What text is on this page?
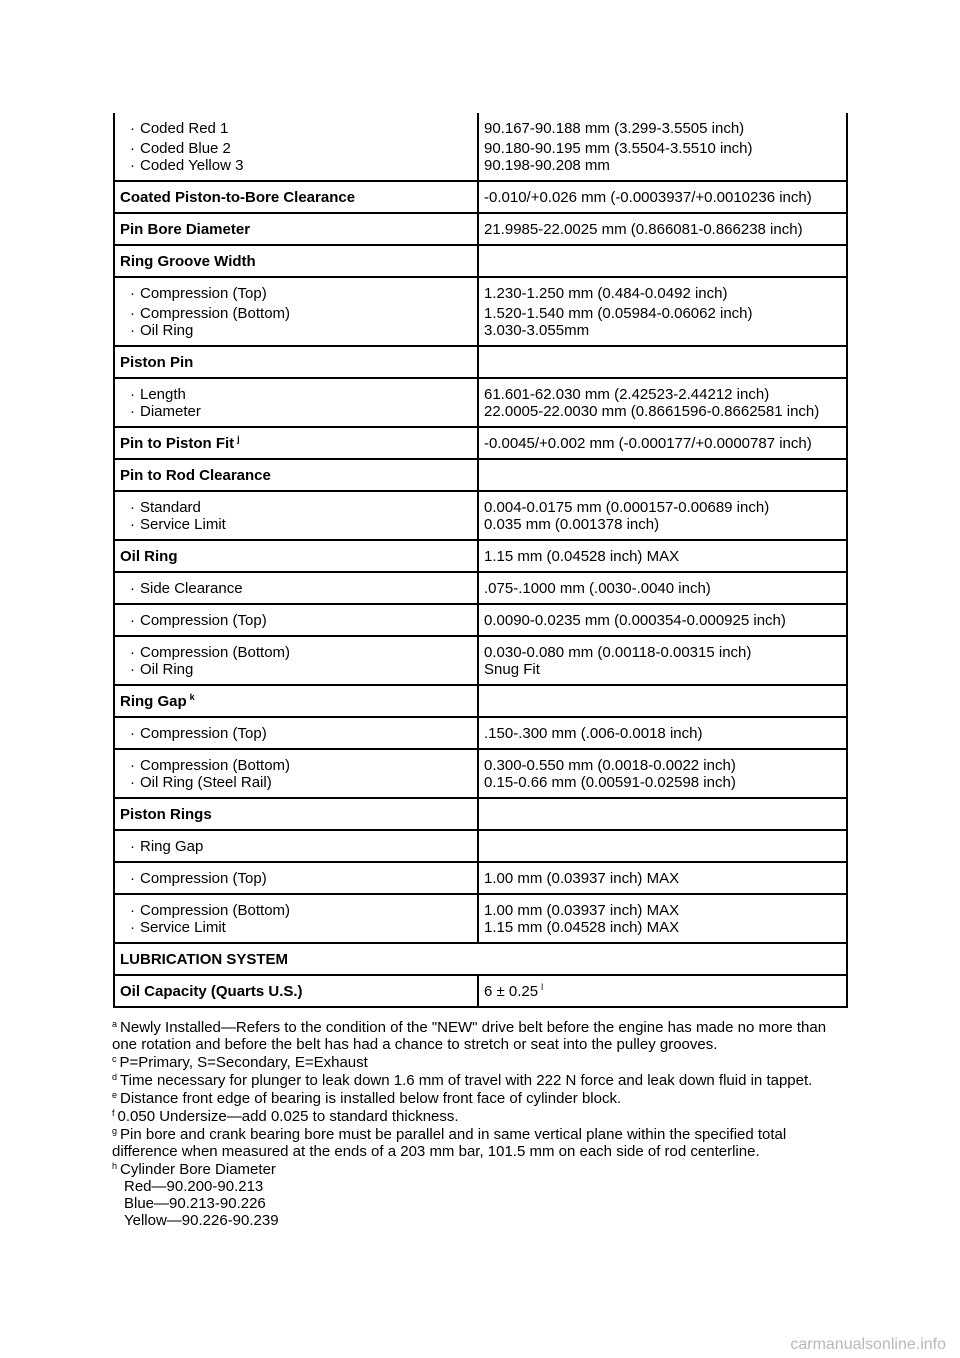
· Coded Red 1	90.167-90.188 mm (3.299-3.5505 inch)
· Coded Blue 2	90.180-90.195 mm (3.5504-3.5510 inch)
· Coded Yellow 3	90.198-90.208 mm
Coated Piston-to-Bore Clearance	-0.010/+0.026 mm (-0.0003937/+0.0010236 inch)
Pin Bore Diameter	21.9985-22.0025 mm (0.866081-0.866238 inch)
Ring Groove Width	
· Compression (Top)	1.230-1.250 mm (0.484-0.0492 inch)
· Compression (Bottom)	1.520-1.540 mm (0.05984-0.06062 inch)
· Oil Ring	3.030-3.055mm
Piston Pin	
· Length	61.601-62.030 mm (2.42523-2.44212 inch)
· Diameter	22.0005-22.0030 mm (0.8661596-0.8662581 inch)
Pin to Piston Fit $^j$	-0.0045/+0.002 mm (-0.000177/+0.0000787 inch)
Pin to Rod Clearance	
· Standard	0.004-0.0175 mm (0.000157-0.00689 inch)
· Service Limit	0.035 mm (0.001378 inch)
Oil Ring	1.15 mm (0.04528 inch) MAX
· Side Clearance	.075-.1000 mm (.0030-.0040 inch)
· Compression (Top)	0.0090-0.0235 mm (0.000354-0.000925 inch)
· Compression (Bottom)	0.030-0.080 mm (0.00118-0.00315 inch)
· Oil Ring	Snug Fit
Ring Gap $^k$	
· Compression (Top)	.150-.300 mm (.006-0.0018 inch)
· Compression (Bottom)	0.300-0.550 mm (0.0018-0.0022 inch)
· Oil Ring (Steel Rail)	0.15-0.66 mm (0.00591-0.02598 inch)
Piston Rings	
· Ring Gap	
· Compression (Top)	1.00 mm (0.03937 inch) MAX
· Compression (Bottom)	1.00 mm (0.03937 inch) MAX
· Service Limit	1.15 mm (0.04528 inch) MAX
LUBRICATION SYSTEM	
Oil Capacity (Quarts U.S.)	6 ± 0.25 $^l$
$^a$ Newly Installed—Refers to the condition of the "NEW" drive belt before the engine has made no more than one rotation and before the belt has had a chance to stretch or seat into the pulley grooves.
$^c$ P=Primary, S=Secondary, E=Exhaust
$^d$ Time necessary for plunger to leak down 1.6 mm of travel with 222 N force and leak down fluid in tappet.
$^e$ Distance front edge of bearing is installed below front face of cylinder block.
$^f$ 0.050 Undersize—add 0.025 to standard thickness.
$^g$ Pin bore and crank bearing bore must be parallel and in same vertical plane within the specified total difference when measured at the ends of a 203 mm bar, 101.5 mm on each side of rod centerline.
$^h$ Cylinder Bore Diameter
Red—90.200-90.213
Blue—90.213-90.226
Yellow—90.226-90.239
carmanualsonline.info
